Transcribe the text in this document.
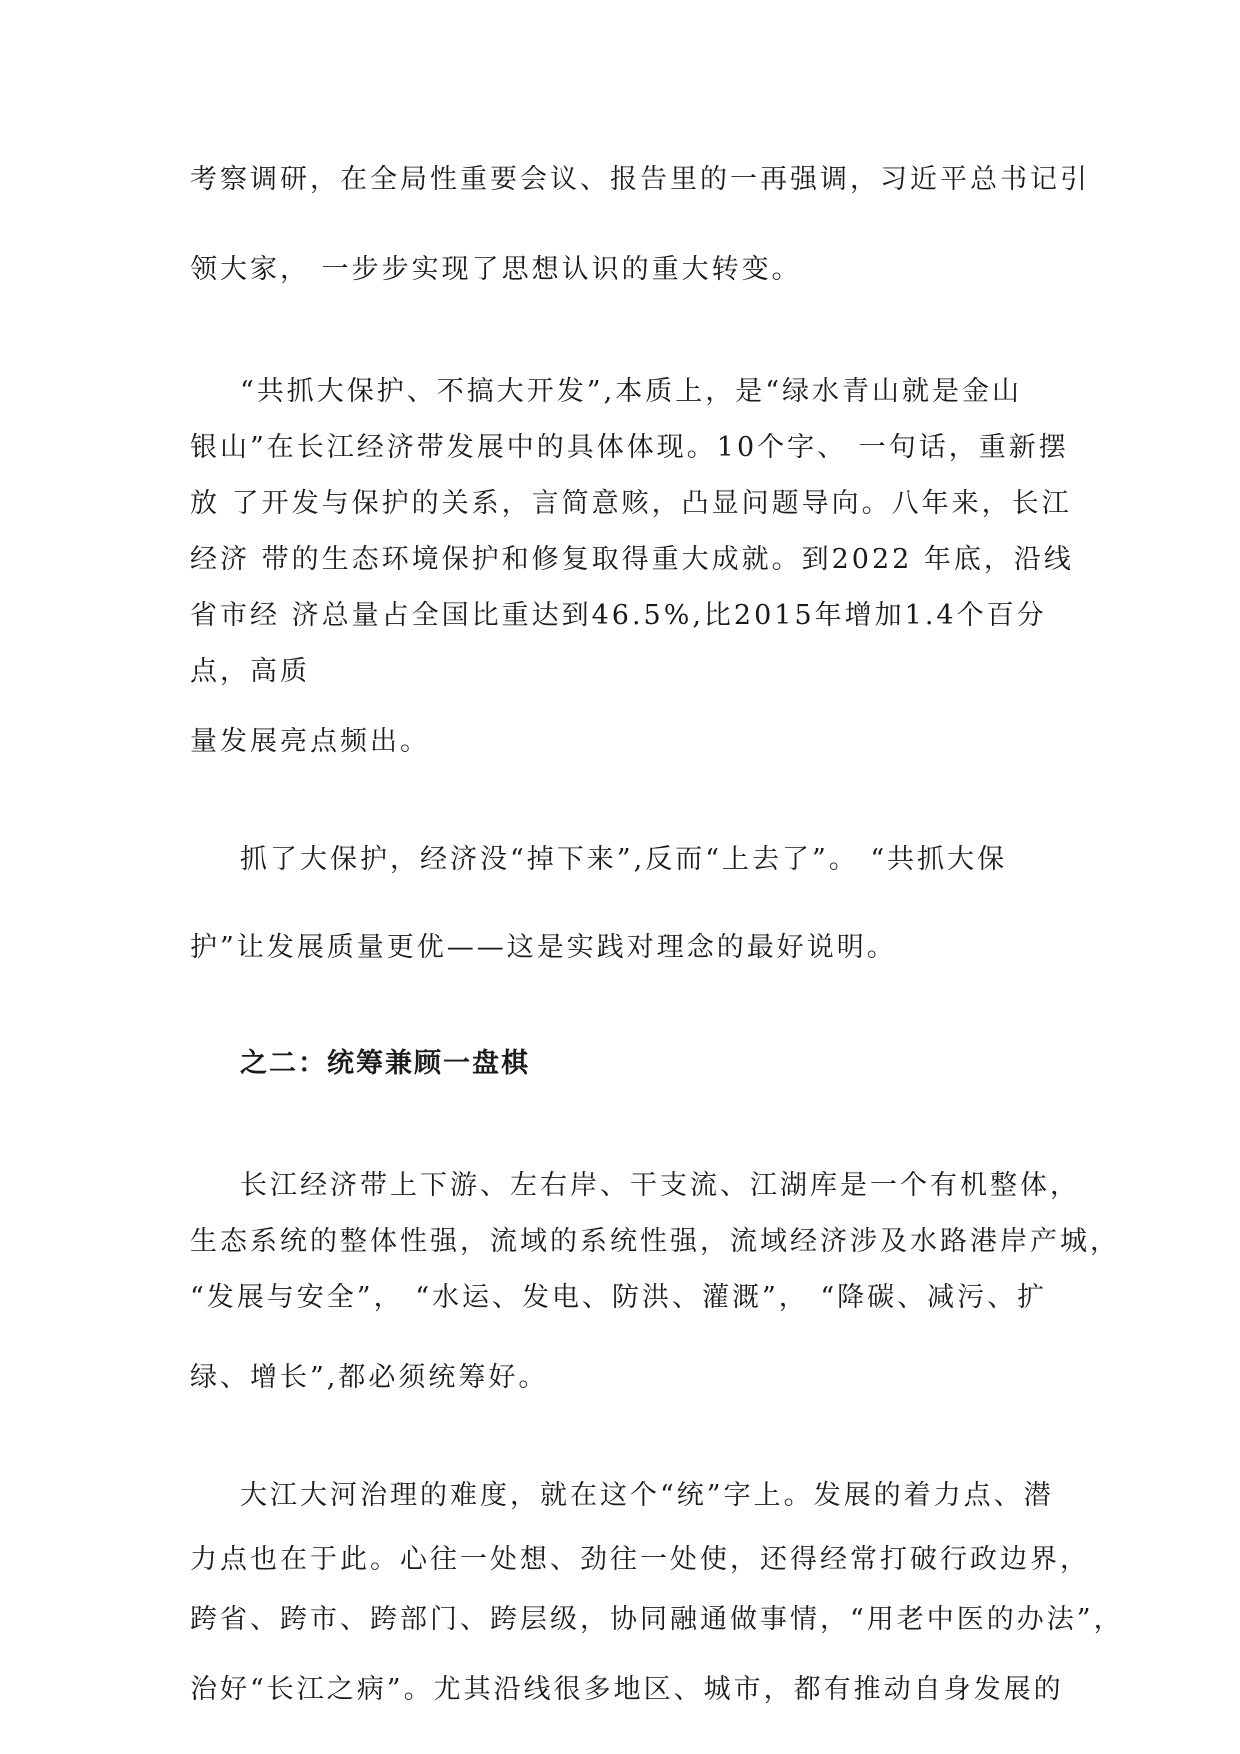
考察调研，在全局性重要会议、报告里的一再强调，习近平总书记引
领大家， 一步步实现了思想认识的重大转变。
“共抓大保护、不搞大开发”,本质上，是“绿水青山就是金山
银山”在长江经济带发展中的具体体现。10个字、 一句话，重新摆
放 了开发与保护的关系，言简意赅，凸显问题导向。八年来，长江
经济 带的生态环境保护和修复取得重大成就。到2022 年底，沿线
省市经 济总量占全国比重达到46.5%,比2015年增加1.4个百分
点，高质
量发展亮点频出。
抓了大保护，经济没“掉下来”,反而“上去了”。 “共抓大保
护”让发展质量更优——这是实践对理念的最好说明。
之二：统筹兼顾一盘棋
长江经济带上下游、左右岸、干支流、江湖库是一个有机整体，
生态系统的整体性强，流域的系统性强，流域经济涉及水路港岸产城，
“发展与安全”， “水运、发电、防洪、灌溉”， “降碳、减污、扩
绿、增长”,都必须统筹好。
大江大河治理的难度，就在这个“统”字上。发展的着力点、潜
力点也在于此。心往一处想、劲往一处使，还得经常打破行政边界，
跨省、跨市、跨部门、跨层级，协同融通做事情，“用老中医的办法”，
治好“长江之病”。尤其沿线很多地区、城市，都有推动自身发展的
